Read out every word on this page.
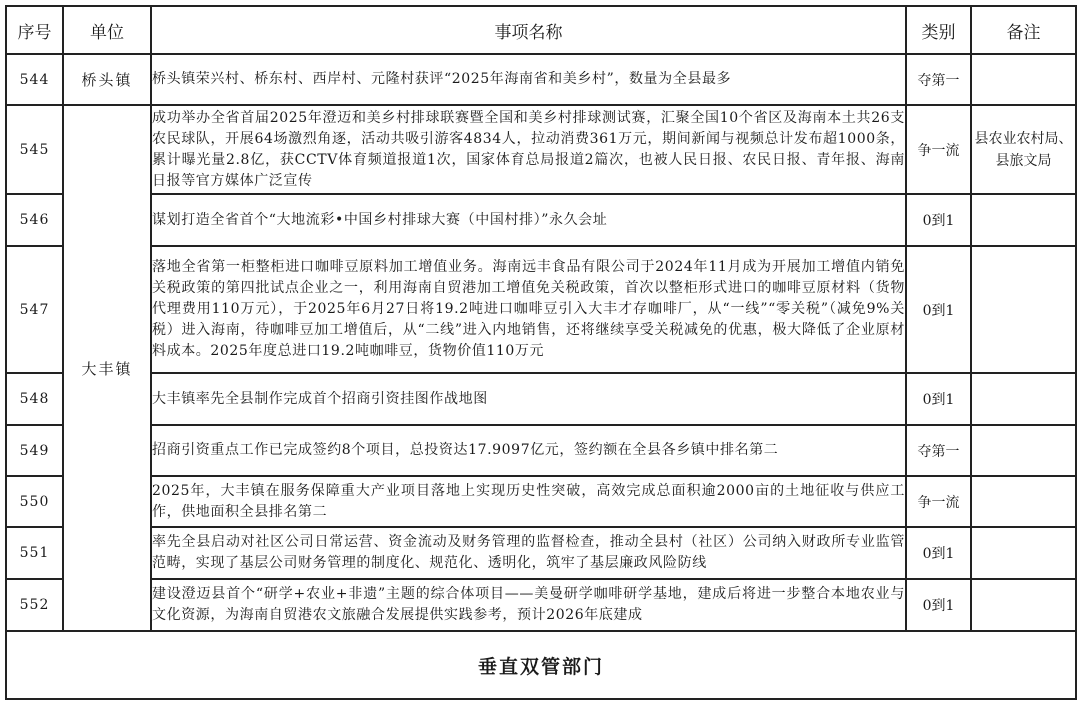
序号	单位	事项名称	类别	备注
544	桥头镇	桥头镇荣兴村、桥东村、西岸村、元隆村获评“2025年海南省和美乡村”，数量为全县最多	夺第一	
545	大丰镇	成功举办全省首届2025年澄迈和美乡村排球联赛暨全国和美乡村排球测试赛，汇聚全国10个省区及海南本土共26支农民球队，开展64场激烈角逐，活动共吸引游客4834人，拉动消费361万元，期间新闻与视频总计发布超1000条，累计曝光量2.8亿，获CCTV体育频道报道1次，国家体育总局报道2篇次，也被人民日报、农民日报、青年报、海南日报等官方媒体广泛宣传	争一流	县农业农村局、县旅文局
546		谋划打造全省首个“大地流彩•中国乡村排球大赛（中国村排）”永久会址	0到1	
547		落地全省第一柜整柜进口咖啡豆原料加工增值业务。海南远丰食品有限公司于2024年11月成为开展加工增值内销免关税政策的第四批试点企业之一，利用海南自贸港加工增值免关税政策，首次以整柜形式进口的咖啡豆原材料（货物代理费用110万元），于2025年6月27日将19.2吨进口咖啡豆引入大丰才存咖啡厂，从“一线”“零关税”（减免9%关税）进入海南，待咖啡豆加工增值后，从“二线”进入内地销售，还将继续享受关税减免的优惠，极大降低了企业原材料成本。2025年度总进口19.2吨咖啡豆，货物价值110万元	0到1	
548		大丰镇率先全县制作完成首个招商引资挂图作战地图	0到1	
549		招商引资重点工作已完成签约8个项目，总投资达17.9097亿元，签约额在全县各乡镇中排名第二	夺第一	
550		2025年，大丰镇在服务保障重大产业项目落地上实现历史性突破，高效完成总面积逾2000亩的土地征收与供应工作，供地面积全县排名第二	争一流	
551		率先全县启动对社区公司日常运营、资金流动及财务管理的监督检查，推动全县村（社区）公司纳入财政所专业监管范畴，实现了基层公司财务管理的制度化、规范化、透明化，筑牢了基层廉政风险防线	0到1	
552		建设澄迈县首个“研学+农业+非遗”主题的综合体项目——美曼研学咖啡研学基地，建成后将进一步整合本地农业与文化资源，为海南自贸港农文旅融合发展提供实践参考，预计2026年底建成	0到1	
垂直双管部门				
